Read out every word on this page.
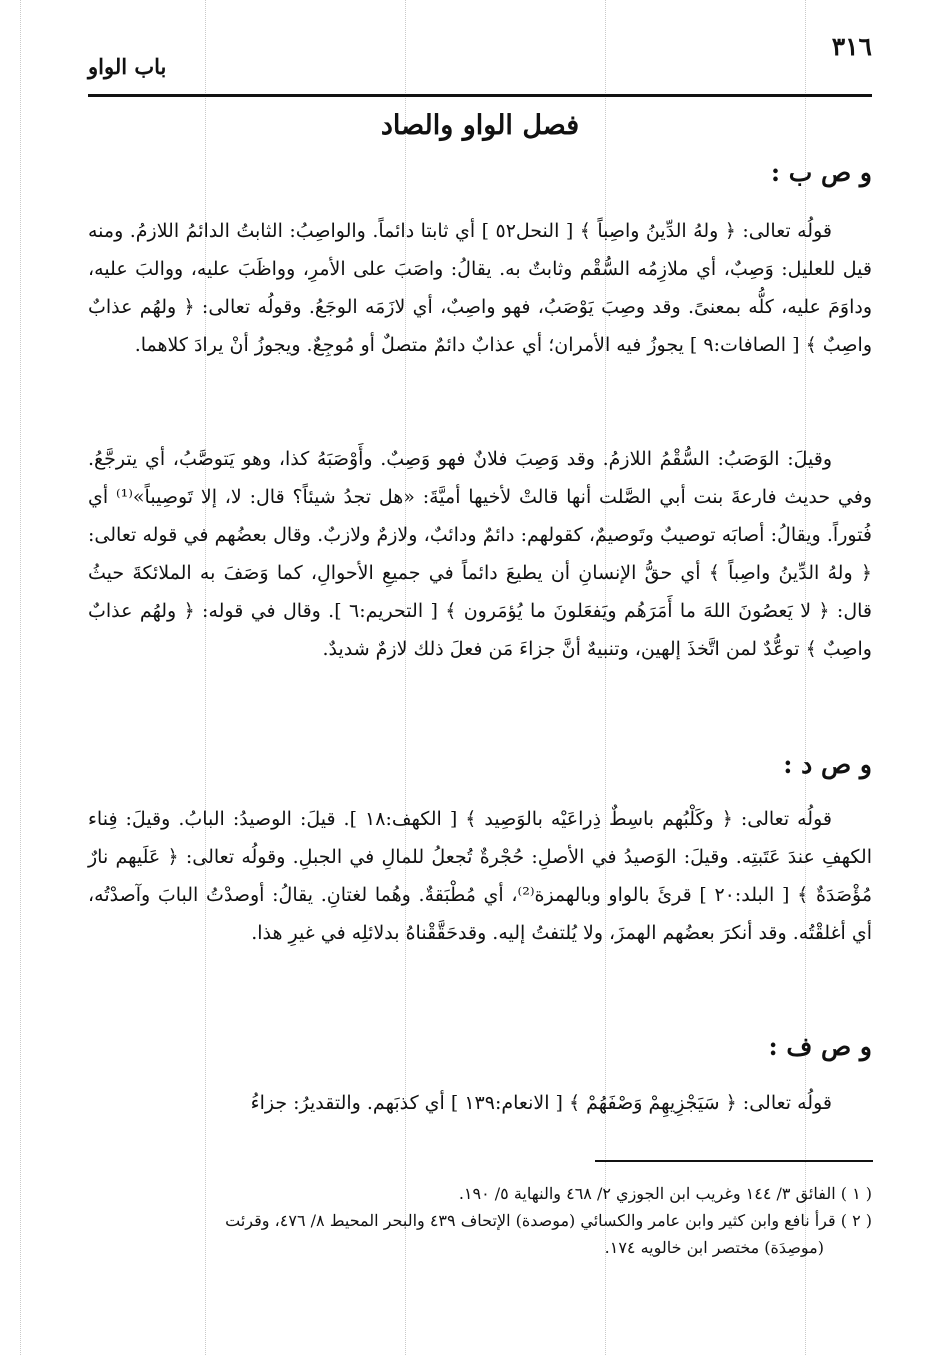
باب الواو
٣١٦
فصل الواو والصاد
و ص ب :
قولُه تعالى: ﴿ ولهُ الدِّينُ واصِباً ﴾ [ النحل٥٢ ] أي ثابتا دائماً. والواصِبُ: الثابتُ الدائمُ اللازمُ. ومنه قيل للعليل: وَصِبٌ، أي ملازِمُه السُّقْم وثابتٌ به. يقالُ: واصَبَ على الأمرِ، وواظَبَ عليه، ووالبَ عليه، وداوَمَ عليه، كلُّه بمعنىً. وقد وصِبَ يَوْصَبُ، فهو واصِبٌ، أي لازَمَه الوجَعُ. وقولُه تعالى: ﴿ ولهُم عذابٌ واصِبٌ ﴾ [ الصافات:٩ ] يجوزُ فيه الأمران؛ أي عذابٌ دائمٌ متصلٌ أو مُوجِعٌ. ويجوزُ أنْ يرادَ كلاهما.
وقيلَ: الوَصَبُ: السُّقْمُ اللازمُ. وقد وَصِبَ فلانٌ فهو وَصِبٌ. وأَوْصَبَهُ كذا، وهو يَتوصَّبُ، أي يترجَّعُ. وفي حديث فارعةَ بنت أبي الصَّلت أنها قالتْ لأخيها أميَّةَ: «هل تجدُ شيئاً؟ قال: لا، إلا تَوصِيباً»⁽¹⁾ أي فُتوراً. ويقالُ: أصابَه توصيبٌ وتَوصيمٌ، كقولهم: دائمٌ ودائبٌ، ولازمٌ ولازبٌ. وقال بعضُهم في قوله تعالى: ﴿ ولهُ الدِّينُ واصِباً ﴾ أي حقُّ الإنسانِ أن يطيعَ دائماً في جميعِ الأحوالِ، كما وَصَفَ به الملائكةَ حيثُ قال: ﴿ لا يَعصُونَ اللهَ ما أَمَرَهُم ويَفعَلونَ ما يُؤمَرون ﴾ [ التحريم:٦ ]. وقال في قوله: ﴿ ولهُم عذابٌ واصِبٌ ﴾ توعُّدٌ لمن اتَّخذَ إلهين، وتنبيهٌ أنَّ جزاءَ مَن فعلَ ذلك لازمٌ شديدٌ.
و ص د :
قولُه تعالى: ﴿ وكَلْبُهم باسِطٌ ذِراعَيْه بالوَصِيد ﴾ [ الكهف:١٨ ]. قيلَ: الوصيدُ: البابُ. وقيلَ: فِناء الكهفِ عندَ عَتَبتِه. وقيلَ: الوَصيدُ في الأصلِ: حُجْرةٌ تُجعلُ للمالِ في الجبلِ. وقولُه تعالى: ﴿ عَلَيهم نارٌ مُؤْصَدَةٌ ﴾ [ البلد:٢٠ ] قرئَ بالواو وبالهمزة⁽²⁾، أي مُطْبَقةٌ. وهُما لغتانِ. يقالُ: أوصدْتُ البابَ وآصدْتُه، أي أغلقْتُه. وقد أنكرَ بعضُهم الهمزَ، ولا يُلتفتُ إليه. وقدحَقَّقْناهُ بدلائلِه في غيرِ هذا.
و ص ف :
قولُه تعالى: ﴿ سَيَجْزِيهِمْ وَصْفَهُمْ ﴾ [ الانعام:١٣٩ ] أي كذبَهم. والتقديرُ: جزاءُ
( ١ ) الفائق ٣/ ١٤٤ وغريب ابن الجوزي ٢/ ٤٦٨ والنهاية ٥/ ١٩٠.
( ٢ ) قرأ نافع وابن كثير وابن عامر والكسائي (موصدة) الإتحاف ٤٣٩ والبحر المحيط ٨/ ٤٧٦، وقرئت
(موصِدَة) مختصر ابن خالويه ١٧٤.
